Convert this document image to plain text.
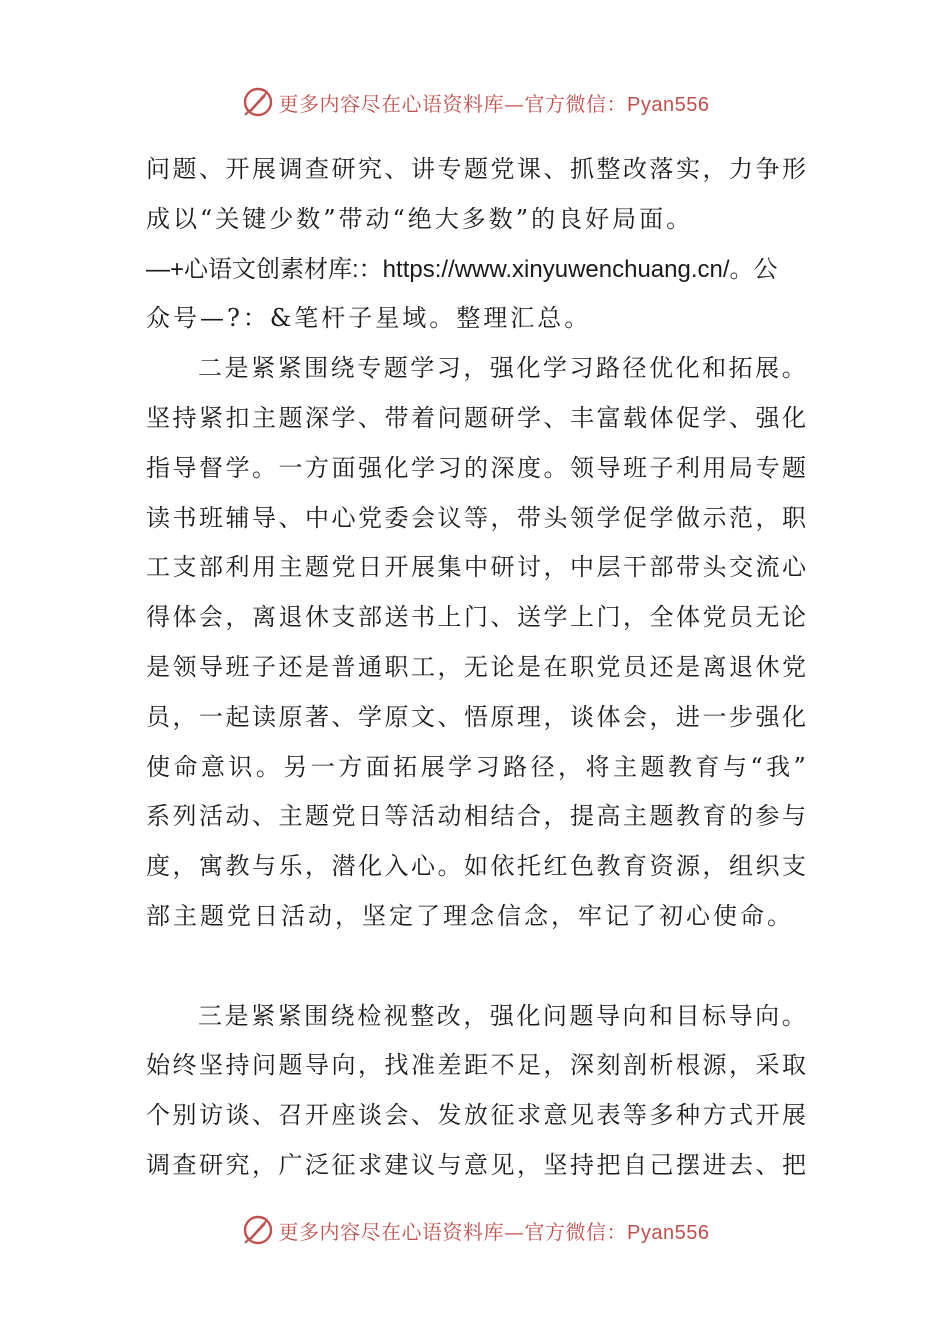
更多内容尽在心语资料库—官方微信：Pyan556
问 题 、 开 展 调 查 研 究 、 讲 专 题 党 课 、 抓 整 改 落 实 ， 力 争 形
成以“关键少数”带动“绝大多数”的良好局面。
—+心语文创素材库:：https://www.xinyuwenchuang.cn/。公
众号—?：&笔杆子星域。整理汇总。
二 是 紧 紧 围 绕 专 题 学 习 ， 强 化 学 习 路 径 优 化 和 拓 展 。
坚 持 紧 扣 主 题 深 学 、 带 着 问 题 研 学 、 丰 富 载 体 促 学 、 强 化
指 导 督 学 。 一 方 面 强 化 学 习 的 深 度 。 领 导 班 子 利 用 局 专 题
读 书 班 辅 导 、 中 心 党 委 会 议 等 ， 带 头 领 学 促 学 做 示 范 ， 职
工 支 部 利 用 主 题 党 日 开 展 集 中 研 讨 ， 中 层 干 部 带 头 交 流 心
得 体 会 ， 离 退 休 支 部 送 书 上 门 、 送 学 上 门 ， 全 体 党 员 无 论
是 领 导 班 子 还 是 普 通 职 工 ， 无 论 是 在 职 党 员 还 是 离 退 休 党
员 ， 一 起 读 原 著 、 学 原 文 、 悟 原 理 ， 谈 体 会 ， 进 一 步 强 化
使 命 意 识 。 另 一 方 面 拓 展 学 习 路 径 ， 将 主 题 教 育 与 “ 我 ”
系 列 活 动 、 主 题 党 日 等 活 动 相 结 合 ， 提 高 主 题 教 育 的 参 与
度 ， 寓 教 与 乐 ， 潜 化 入 心 。 如 依 托 红 色 教 育 资 源 ， 组 织 支
部主题党日活动，坚定了理念信念，牢记了初心使命。
三 是 紧 紧 围 绕 检 视 整 改 ， 强 化 问 题 导 向 和 目 标 导 向 。
始 终 坚 持 问 题 导 向 ， 找 准 差 距 不 足 ， 深 刻 剖 析 根 源 ， 采 取
个 别 访 谈 、 召 开 座 谈 会 、 发 放 征 求 意 见 表 等 多 种 方 式 开 展
调 查 研 究 ， 广 泛 征 求 建 议 与 意 见 ， 坚 持 把 自 己 摆 进 去 、 把
更多内容尽在心语资料库—官方微信：Pyan556
